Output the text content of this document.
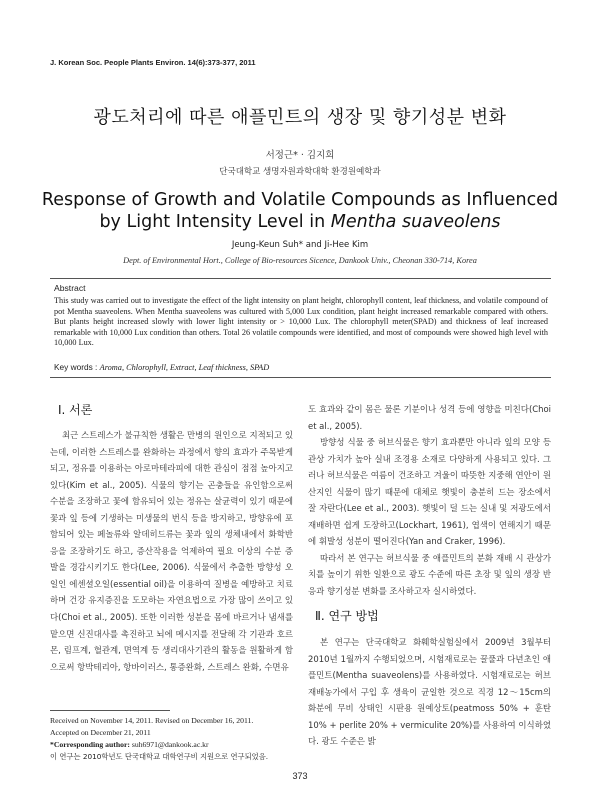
J. Korean Soc. People Plants Environ. 14(6):373-377, 2011
광도처리에 따른 애플민트의 생장 및 향기성분 변화
서정근* · 김지희
단국대학교 생명자원과학대학 환경원예학과
Response of Growth and Volatile Compounds as Influenced
by Light Intensity Level in Mentha suaveolens
Jeung-Keun Suh* and Ji-Hee Kim
Dept. of Environmental Hort., College of Bio-resources Sicence, Dankook Univ., Cheonan 330-714, Korea
Abstract
This study was carried out to investigate the effect of the light intensity on plant height, chlorophyll content, leaf thickness, and volatile compound of pot Mentha suaveolens. When Mentha suaveolens was cultured with 5,000 Lux condition, plant height increased remarkable compared with others. But plants height increased slowly with lower light intensity or > 10,000 Lux. The chlorophyll meter(SPAD) and thickness of leaf increased remarkable with 10,000 Lux condition than others. Total 26 volatile compounds were identified, and most of compounds were showed high level with 10,000 Lux.
Key words : Aroma, Chlorophyll, Extract, Leaf thickness, SPAD
Ⅰ. 서론

최근 스트레스가 불규칙한 생활은 만병의 원인으로 지적되고 있는데, 이러한 스트레스를 완화하는 과정에서 향의 효과가 주목받게 되고, 정유를 이용하는 아로마테라피에 대한 관심이 점점 높아지고 있다(Kim et al., 2005). 식물의 향기는 곤충들을 유인함으로써 수분을 조장하고 꽃에 함유되어 있는 정유는 살균력이 있기 때문에 꽃과 잎 등에 기생하는 미생물의 번식 등을 방지하고, 방향유에 포함되어 있는 페놀류와 알데히드류는 꽃과 잎의 생체내에서 화학반응을 조장하기도 하고, 증산작용을 억제하여 필요 이상의 수분 증발을 경감시키기도 한다(Lee, 2006). 식물에서 추출한 방향성 오일인 에센셜오일(essential oil)을 이용하여 질병을 예방하고 치료하며 건강 유지증진을 도모하는 자연요법으로 가장 많이 쓰이고 있다(Choi et al., 2005). 또한 이러한 성분을 몸에 바르거나 냄새를 맡으면 신진대사를 촉진하고 뇌에 메시지를 전달해 각 기관과 호르몬, 림프계, 혈관계, 면역계 등 생리대사기관의 활동을 원활하게 함으로써 항박테리아, 항바이러스, 통증완화, 스트레스 완화, 수면유

도 효과와 같이 몸은 물론 기분이나 성격 등에 영향을 미친다(Choi et al., 2005).

방향성 식물 중 허브식물은 향기 효과뿐만 아니라 잎의 모양 등 관상 가치가 높아 실내 조경용 소재로 다양하게 사용되고 있다. 그러나 허브식물은 여름이 건조하고 겨울이 따뜻한 지중해 연안이 원산지인 식물이 많기 때문에 대체로 햇빛이 충분히 드는 장소에서 잘 자란다(Lee et al., 2003). 햇빛이 덜 드는 실내 및 저광도에서 재배하면 쉽게 도장하고(Lockhart, 1961), 엽색이 연해지기 때문에 휘발성 성분이 떨어진다(Yan and Craker, 1996).

따라서 본 연구는 허브식물 중 애플민트의 분화 재배 시 관상가치를 높이기 위한 일환으로 광도 수준에 따른 초장 및 잎의 생장 반응과 향기성분 변화를 조사하고자 실시하였다.

Ⅱ. 연구 방법

본 연구는 단국대학교 화훼학실험실에서 2009년 3월부터 2010년 1월까지 수행되었으며, 시험재료로는 꿀풀과 다년초인 애플민트(Mentha suaveolens)를 사용하였다. 시험재료로는 허브재배농가에서 구입 후 생육이 균일한 것으로 직경 12～15cm의 화분에 무비 상태인 시판용 원예상토(peatmoss 50% + 훈탄 10% + perlite 20% + vermiculite 20%)를 사용하여 이식하였다. 광도 수준은 밝

Received on November 14, 2011. Revised on December 16, 2011.
Accepted on December 21, 2011
*Corresponding author: suh6971@dankook.ac.kr
이 연구는 2010학년도 단국대학교 대학연구비 지원으로 연구되었음.
373
